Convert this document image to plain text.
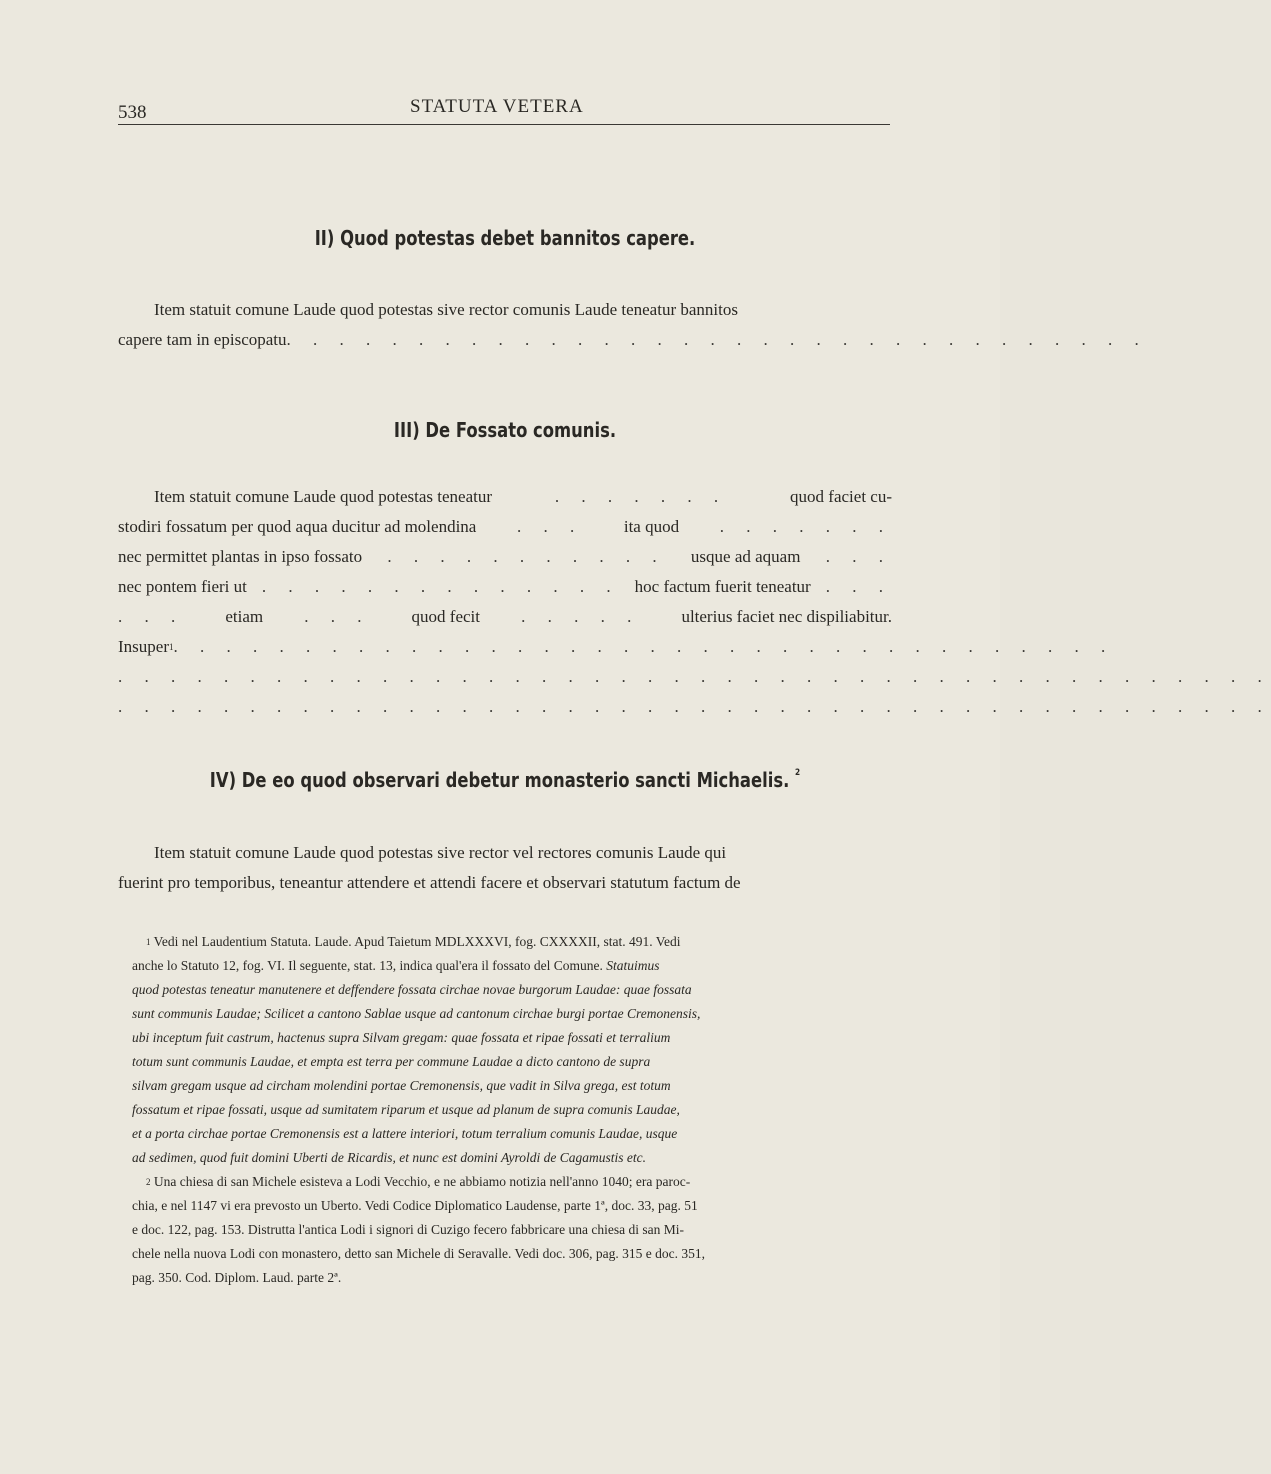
538	STATUTA VETERA
II) Quod potestas debet bannitos capere.
Item statuit comune Laude quod potestas sive rector comunis Laude teneatur bannitos
capere tam in episcopatu . . . . . . . . . . . . . . . . . . . . . . . . . . . . . . . . .
III) De Fossato comunis.
Item statuit comune Laude quod potestas teneatur	. . . . . . .	quod faciet cu-
stodiri fossatum per quod aqua ducitur ad molendina . . . ita quod . . . . . . .
nec permittet plantas in ipso fossato . . . . . . . . . . . usque ad aquam . . .
nec pontem fieri ut . . . . . . . . . . . . . . hoc factum fuerit teneatur . . .
. . . etiam . . . quod fecit . . . . . ulterius faciet nec dispiliabitur.
Insuper$^1$ . . . . . . . . . . . . . . . . . . . . . . . . . . . . . . . . . . . .
. . . . . . . . . . . . . . . . . . . . . . . . . . . . . . . . . . . . . . . . . . . .
. . . . . . . . . . . . . . . . . . . . . . . . . . . . . . . . . . . . . . . . . . . .
IV) De eo quod observari debetur monasterio sancti Michaelis. $^2$
Item statuit comune Laude quod potestas sive rector vel rectores comunis Laude qui
fuerint pro temporibus, teneantur attendere et attendi facere et observari statutum factum de
$^1$ Vedi nel Laudentium Statuta. Laude. Apud Taietum MDLXXXVI, fog. CXXXXII, stat. 491. Vedi
anche lo Statuto 12, fog. VI. Il seguente, stat. 13, indica qual'era il fossato del Comune. Statuimus
quod potestas teneatur manutenere et deffendere fossata circhae novae burgorum Laudae: quae fossata
sunt communis Laudae; Scilicet a cantono Sablae usque ad cantonum circhae burgi portae Cremonensis,
ubi inceptum fuit castrum, hactenus supra Silvam gregam: quae fossata et ripae fossati et terralium
totum sunt communis Laudae, et empta est terra per commune Laudae a dicto cantono de supra
silvam gregam usque ad circham molendini portae Cremonensis, que vadit in Silva grega, est totum
fossatum et ripae fossati, usque ad sumitatem riparum et usque ad planum de supra comunis Laudae,
et a porta circhae portae Cremonensis est a lattere interiori, totum terralium comunis Laudae, usque
ad sedimen, quod fuit domini Uberti de Ricardis, et nunc est domini Ayroldi de Cagamustis etc.
$^2$ Una chiesa di san Michele esisteva a Lodi Vecchio, e ne abbiamo notizia nell'anno 1040; era paroc-
chia, e nel 1147 vi era prevosto un Uberto. Vedi Codice Diplomatico Laudense, parte 1ª, doc. 33, pag. 51
e doc. 122, pag. 153. Distrutta l'antica Lodi i signori di Cuzigo fecero fabbricare una chiesa di san Mi-
chele nella nuova Lodi con monastero, detto san Michele di Seravalle. Vedi doc. 306, pag. 315 e doc. 351,
pag. 350. Cod. Diplom. Laud. parte 2ª.
